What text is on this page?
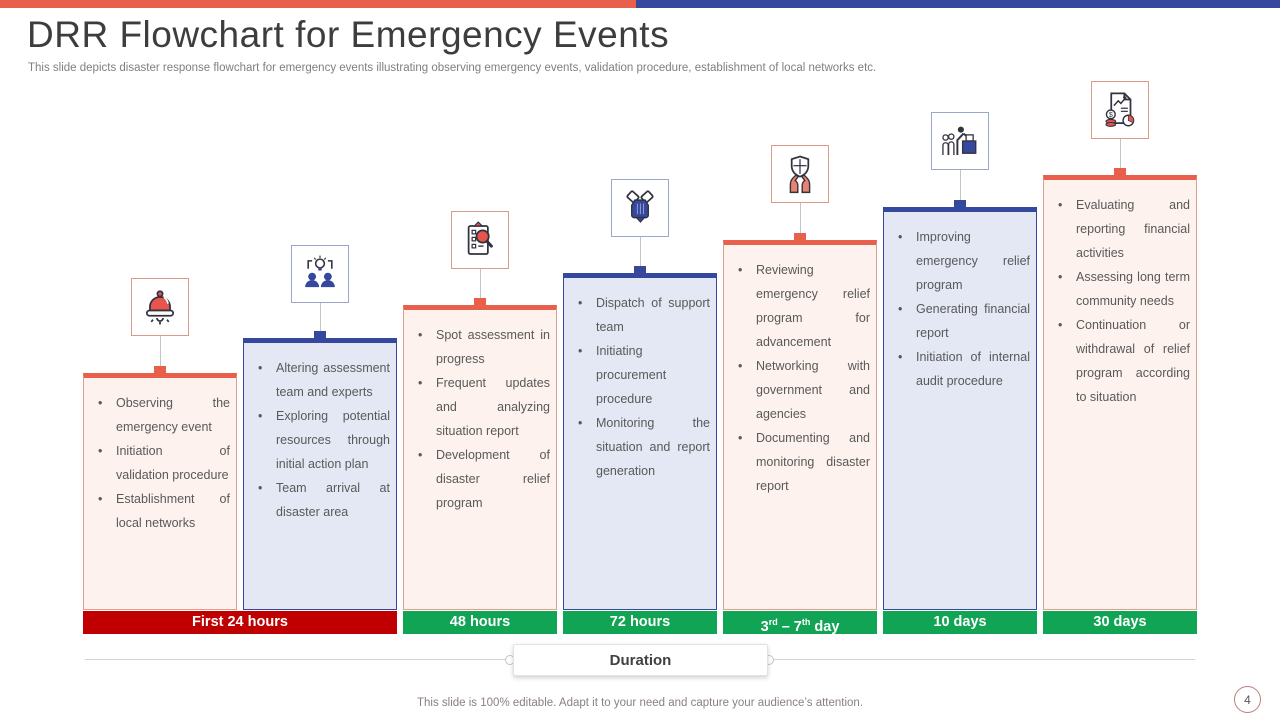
DRR Flowchart for Emergency Events
This slide depicts disaster response flowchart for emergency events illustrating observing emergency events, validation procedure, establishment of local networks etc.
• Observing the emergency event
• Initiation of validation procedure
• Establishment of local networks
• Altering assessment team and experts
• Exploring potential resources through initial action plan
• Team arrival at disaster area
• Spot assessment in progress
• Frequent updates and analyzing situation report
• Development of disaster relief program
• Dispatch of support team
• Initiating procurement procedure
• Monitoring the situation and report generation
• Reviewing emergency relief program for advancement
• Networking with government and agencies
• Documenting and monitoring disaster report
• Improving emergency relief program
• Generating financial report
• Initiation of internal audit procedure
$
• Evaluating and reporting financial activities
• Assessing long term community needs
• Continuation or withdrawal of relief program according to situation
First 24 hours	48 hours	72 hours	3rd – 7th day	10 days	30 days
Duration
This slide is 100% editable. Adapt it to your need and capture your audience’s attention.	4
